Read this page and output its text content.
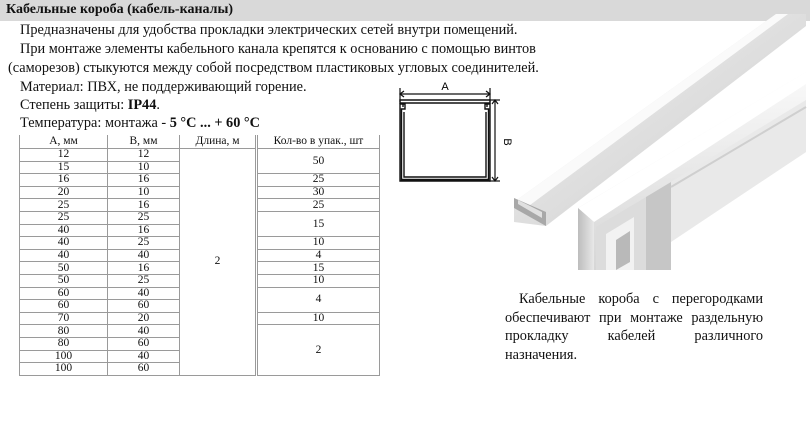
Кабельные короба (кабель-каналы)
Предназначены для удобства прокладки электрических сетей внутри помещений.
При монтаже элементы кабельного канала крепятся к основанию с помощью винтов
(саморезов) стыкуются между собой посредством пластиковых угловых соединителей.
Материал: ПВХ, не поддерживающий горение.
Степень защиты: IP44.
Температура: монтажа - 5 °С ... + 60 °С
А, мм	В, мм	Длина, м		Кол-во в упак., шт
12	12	2		50
15	10			
16	16			25
20	10			30
25	16			25
25	25			15
40	16			
40	25			10
40	40			4
50	16			15
50	25			10
60	40			4
60	60			
70	20			10
80	40			2
80	60			
100	40			
100	60			
A
B
Кабельные короба с перегородками
обеспечивают при монтаже раздельную
прокладку кабелей различного
назначения.
